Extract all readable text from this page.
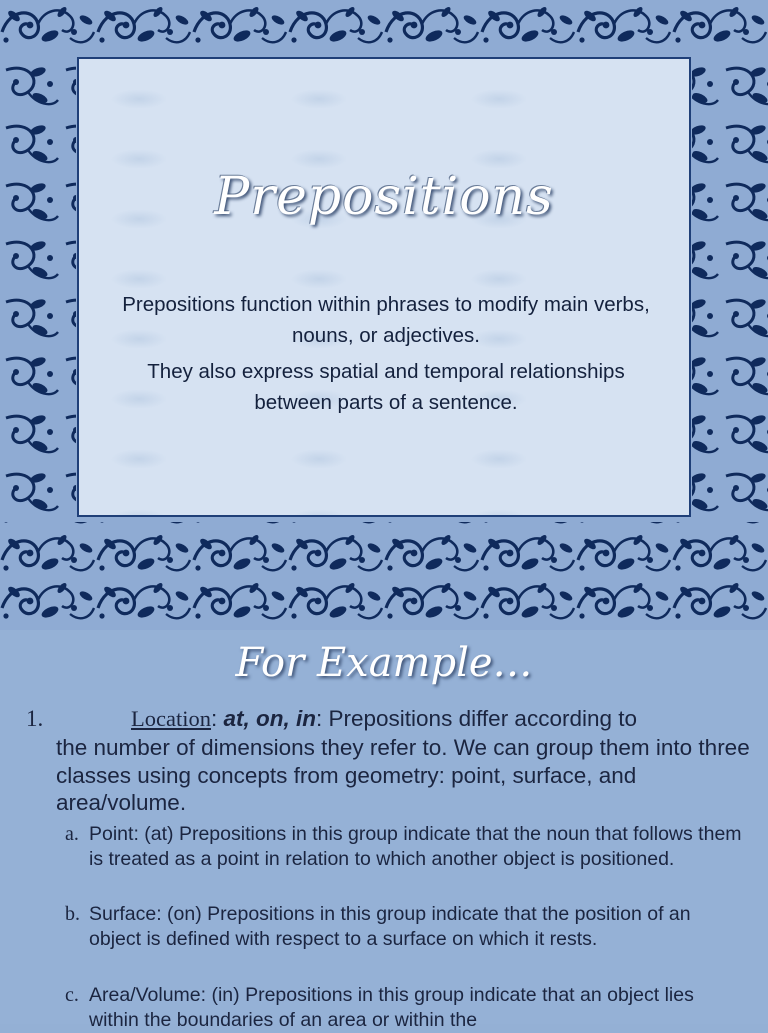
Prepositions
Prepositions function within phrases to modify main verbs, nouns, or adjectives.
They also express spatial and temporal relationships between parts of a sentence.
For Example…
1.	Location: at, on, in: Prepositions differ according to
the number of dimensions they refer to. We can group them into three classes using concepts from geometry: point, surface, and area/volume.
a. Point: (at) Prepositions in this group indicate that the noun that follows them is treated as a point in relation to which another object is positioned.
b. Surface: (on) Prepositions in this group indicate that the position of an object is defined with respect to a surface on which it rests.
c. Area/Volume: (in) Prepositions in this group indicate that an object lies within the boundaries of an area or within the
